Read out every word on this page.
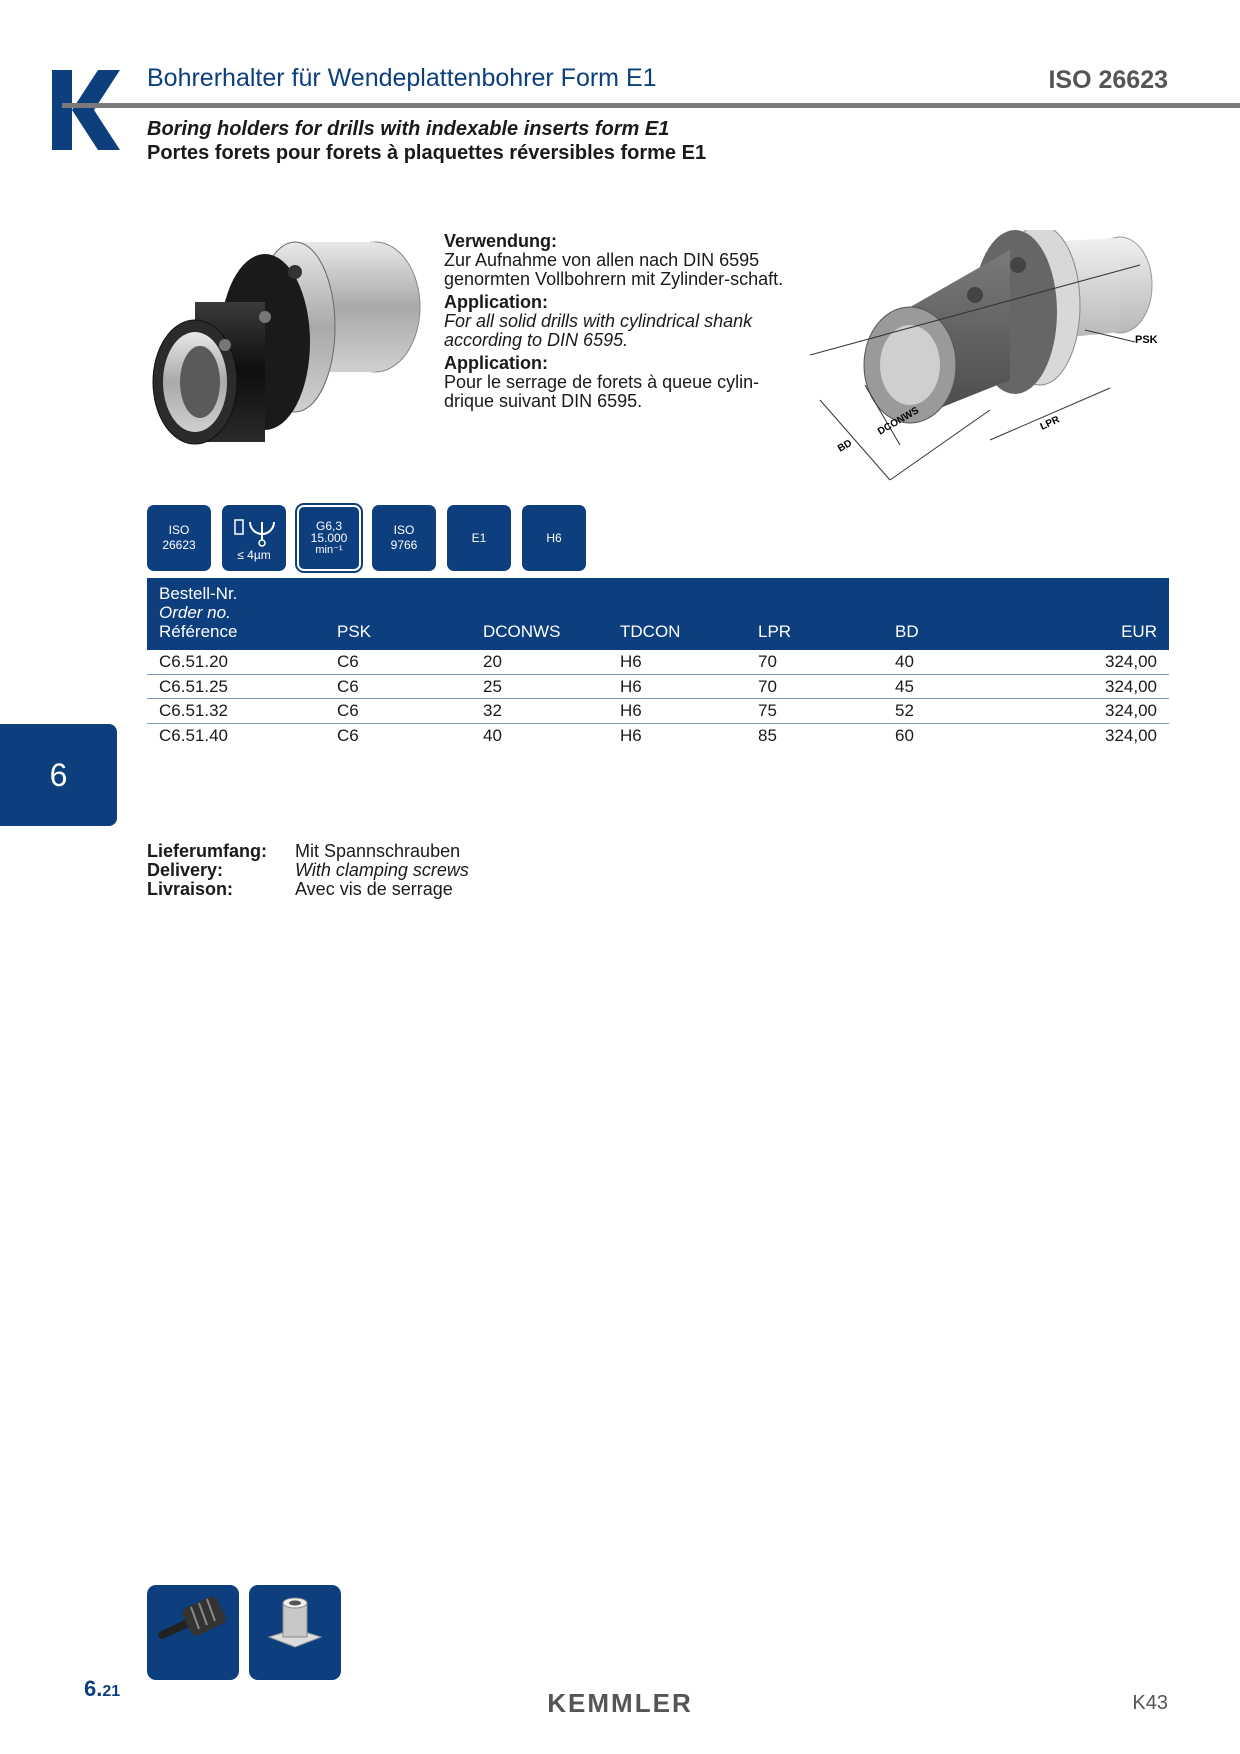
Bohrerhalter für Wendeplattenbohrer Form E1	ISO 26623
Boring holders for drills with indexable inserts form E1
Portes forets pour forets à plaquettes réversibles forme E1

Verwendung:
Zur Aufnahme von allen nach DIN 6595 genormten Vollbohrern mit Zylinder-schaft.

Application:
For all solid drills with cylindrical shank according to DIN 6595.

Application:
Pour le serrage de forets à queue cylin-drique suivant DIN 6595.

PSK
DCONWS
BD
LPR
ISO
26623
≤ 4µm
G6,3
15.000
min⁻¹
ISO
9766
E1	H6
Bestell-Nr.
Order no.
Référence	PSK	DCONWS	TDCON	LPR	BD	EUR
C6.51.20	C6	20	H6	70	40	324,00
C6.51.25	C6	25	H6	70	45	324,00
C6.51.32	C6	32	H6	75	52	324,00
C6.51.40	C6	40	H6	85	60	324,00
6
Lieferumfang:	Mit Spannschrauben
Delivery:	With clamping screws
Livraison:	Avec vis de serrage
6.31
6.21	KEMMLER	K43
